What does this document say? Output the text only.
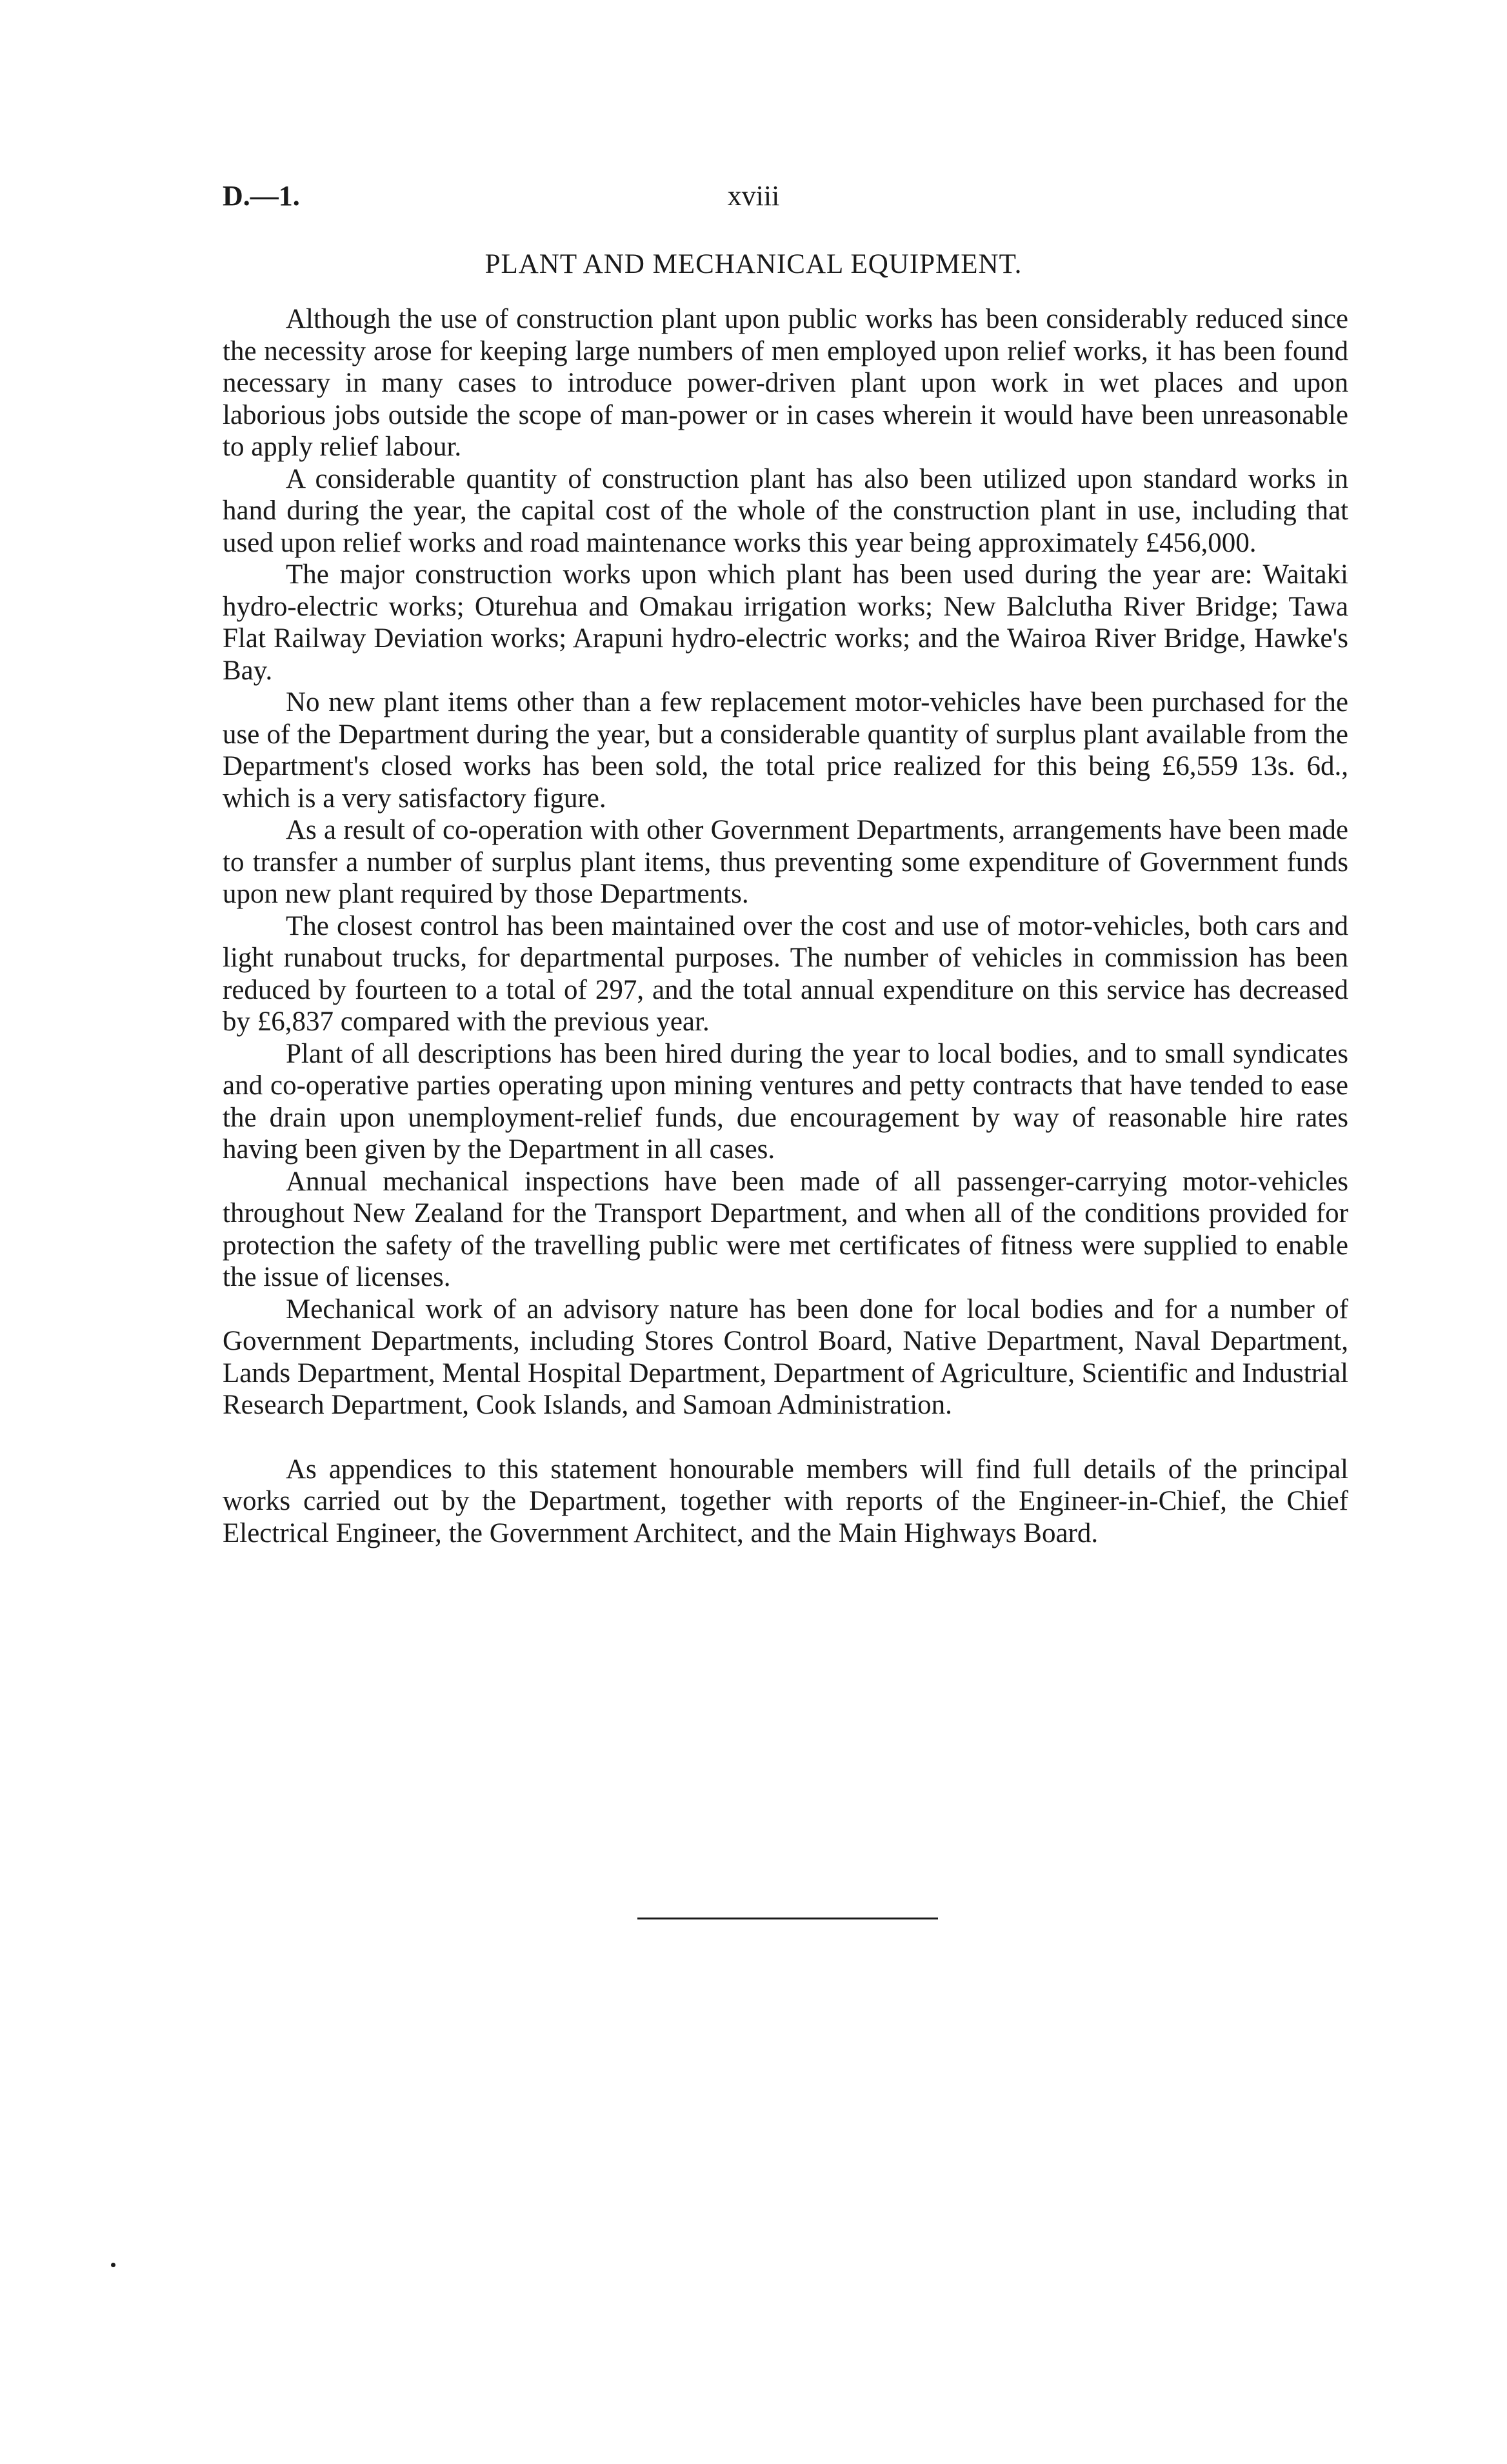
D.—1.	xviii
PLANT AND MECHANICAL EQUIPMENT.

Although the use of construction plant upon public works has been considerably reduced since the necessity arose for keeping large numbers of men employed upon relief works, it has been found necessary in many cases to introduce power-driven plant upon work in wet places and upon laborious jobs outside the scope of man-power or in cases wherein it would have been unreasonable to apply relief labour.

A considerable quantity of construction plant has also been utilized upon standard works in hand during the year, the capital cost of the whole of the construction plant in use, including that used upon relief works and road maintenance works this year being approximately £456,000.

The major construction works upon which plant has been used during the year are: Waitaki hydro-electric works; Oturehua and Omakau irrigation works; New Balclutha River Bridge; Tawa Flat Railway Deviation works; Arapuni hydro-electric works; and the Wairoa River Bridge, Hawke's Bay.

No new plant items other than a few replacement motor-vehicles have been purchased for the use of the Department during the year, but a considerable quantity of surplus plant available from the Department's closed works has been sold, the total price realized for this being £6,559 13s. 6d., which is a very satisfactory figure.

As a result of co-operation with other Government Departments, arrangements have been made to transfer a number of surplus plant items, thus preventing some expenditure of Government funds upon new plant required by those Departments.

The closest control has been maintained over the cost and use of motor-vehicles, both cars and light runabout trucks, for departmental purposes. The number of vehicles in commission has been reduced by fourteen to a total of 297, and the total annual expenditure on this service has decreased by £6,837 compared with the previous year.

Plant of all descriptions has been hired during the year to local bodies, and to small syndicates and co-operative parties operating upon mining ventures and petty contracts that have tended to ease the drain upon unemployment-relief funds, due encouragement by way of reasonable hire rates having been given by the Department in all cases.

Annual mechanical inspections have been made of all passenger-carrying motor-vehicles throughout New Zealand for the Transport Department, and when all of the conditions provided for protection the safety of the travelling public were met certificates of fitness were supplied to enable the issue of licenses.

Mechanical work of an advisory nature has been done for local bodies and for a number of Government Departments, including Stores Control Board, Native Department, Naval Department, Lands Department, Mental Hospital Department, Department of Agriculture, Scientific and Industrial Research Department, Cook Islands, and Samoan Administration.

As appendices to this statement honourable members will find full details of the principal works carried out by the Department, together with reports of the Engineer-in-Chief, the Chief Electrical Engineer, the Government Architect, and the Main Highways Board.
